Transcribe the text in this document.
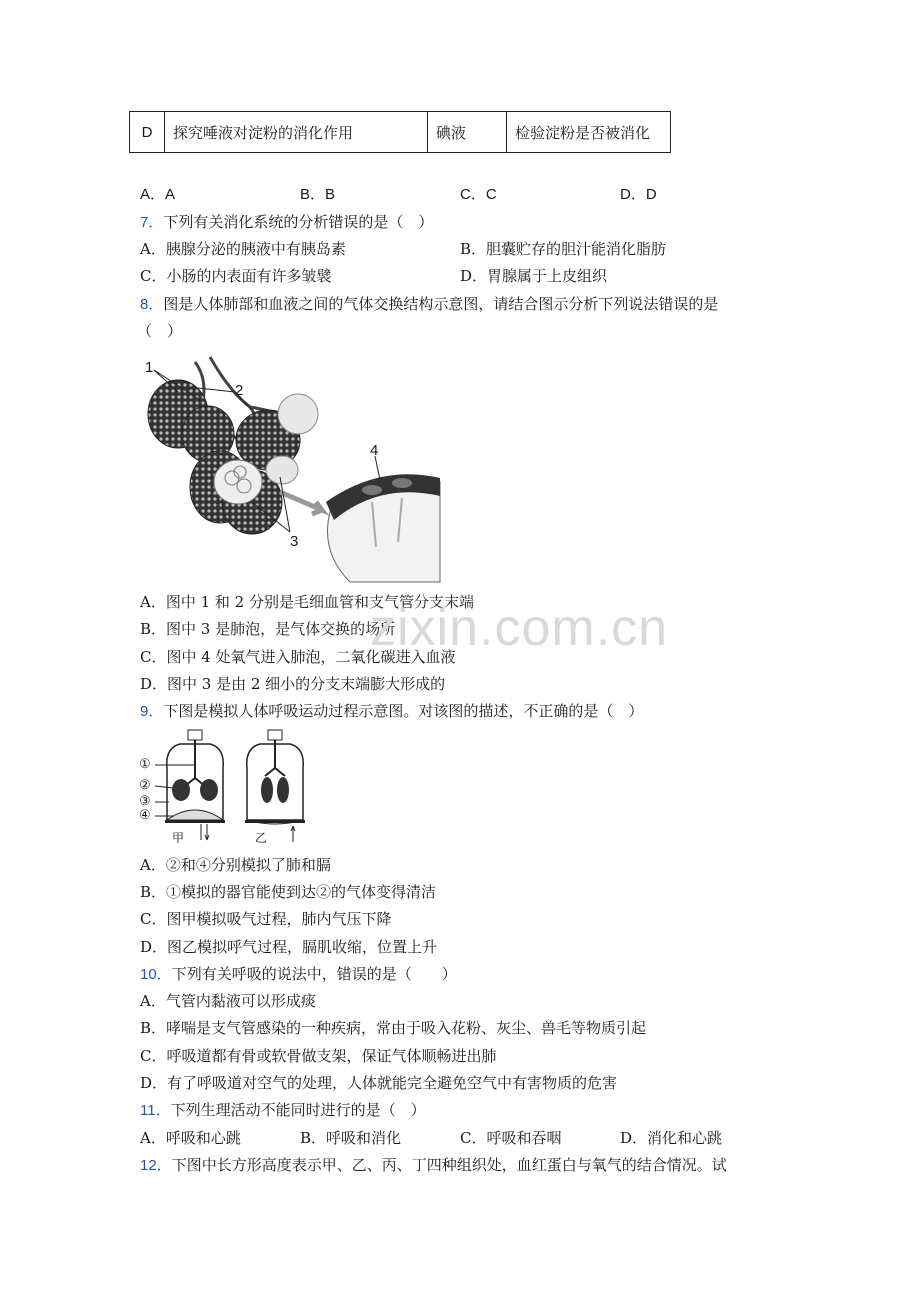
D	探究唾液对淀粉的消化作用	碘液	检验淀粉是否被消化
A．A	B．B	C．C	D．D
7．下列有关消化系统的分析错误的是（　）
A．胰腺分泌的胰液中有胰岛素	B．胆囊贮存的胆汁能消化脂肪
C．小肠的内表面有许多皱襞	D．胃腺属于上皮组织
8．图是人体肺部和血液之间的气体交换结构示意图，请结合图示分析下列说法错误的是
（　）
1
2
3
4
A．图中 1 和 2 分别是毛细血管和支气管分支末端
B．图中 3 是肺泡，是气体交换的场所
C．图中 4 处氧气进入肺泡，二氧化碳进入血液
D．图中 3 是由 2 细小的分支末端膨大形成的
9．下图是模拟人体呼吸运动过程示意图。对该图的描述，不正确的是（　）
①
②
③
④
甲	乙
A．②和④分别模拟了肺和膈
B．①模拟的器官能使到达②的气体变得清洁
C．图甲模拟吸气过程，肺内气压下降
D．图乙模拟呼气过程，膈肌收缩，位置上升
10．下列有关呼吸的说法中，错误的是（　　）
A．气管内黏液可以形成痰
B．哮喘是支气管感染的一种疾病，常由于吸入花粉、灰尘、兽毛等物质引起
C．呼吸道都有骨或软骨做支架，保证气体顺畅进出肺
D．有了呼吸道对空气的处理，人体就能完全避免空气中有害物质的危害
11．下列生理活动不能同时进行的是（　）
A．呼吸和心跳	B．呼吸和消化	C．呼吸和吞咽	D．消化和心跳
12．下图中长方形高度表示甲、乙、丙、丁四种组织处，血红蛋白与氧气的结合情况。试
zixin.com.cn
